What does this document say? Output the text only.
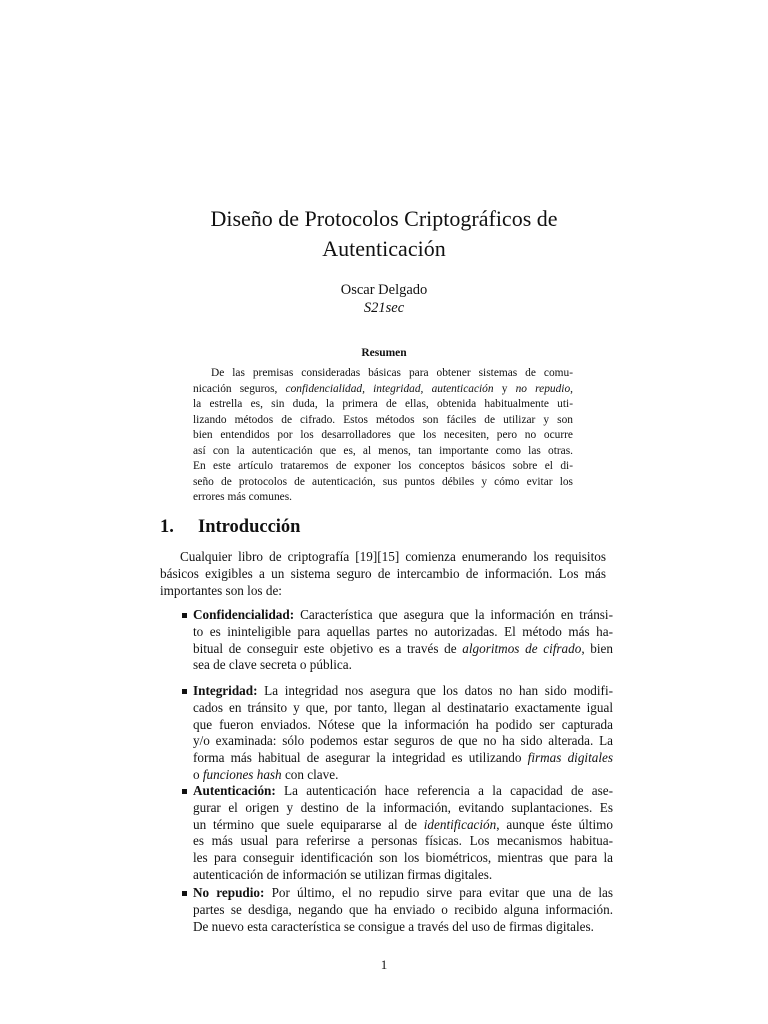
Diseño de Protocolos Criptográficos de
Autenticación
Oscar Delgado
S21sec
Resumen
De las premisas consideradas básicas para obtener sistemas de comu-
nicación seguros, confidencialidad, integridad, autenticación y no repudio,
la estrella es, sin duda, la primera de ellas, obtenida habitualmente uti-
lizando métodos de cifrado. Estos métodos son fáciles de utilizar y son
bien entendidos por los desarrolladores que los necesiten, pero no ocurre
así con la autenticación que es, al menos, tan importante como las otras.
En este artículo trataremos de exponer los conceptos básicos sobre el di-
seño de protocolos de autenticación, sus puntos débiles y cómo evitar los
errores más comunes.
1. Introducción
Cualquier libro de criptografía [19][15] comienza enumerando los requisitos
básicos exigibles a un sistema seguro de intercambio de información. Los más
importantes son los de:
Confidencialidad: Característica que asegura que la información en tránsi-
to es ininteligible para aquellas partes no autorizadas. El método más ha-
bitual de conseguir este objetivo es a través de algoritmos de cifrado, bien
sea de clave secreta o pública.
Integridad: La integridad nos asegura que los datos no han sido modifi-
cados en tránsito y que, por tanto, llegan al destinatario exactamente igual
que fueron enviados. Nótese que la información ha podido ser capturada
y/o examinada: sólo podemos estar seguros de que no ha sido alterada. La
forma más habitual de asegurar la integridad es utilizando firmas digitales
o funciones hash con clave.
Autenticación: La autenticación hace referencia a la capacidad de ase-
gurar el origen y destino de la información, evitando suplantaciones. Es
un término que suele equipararse al de identificación, aunque éste último
es más usual para referirse a personas físicas. Los mecanismos habitua-
les para conseguir identificación son los biométricos, mientras que para la
autenticación de información se utilizan firmas digitales.
No repudio: Por último, el no repudio sirve para evitar que una de las
partes se desdiga, negando que ha enviado o recibido alguna información.
De nuevo esta característica se consigue a través del uso de firmas digitales.
1
